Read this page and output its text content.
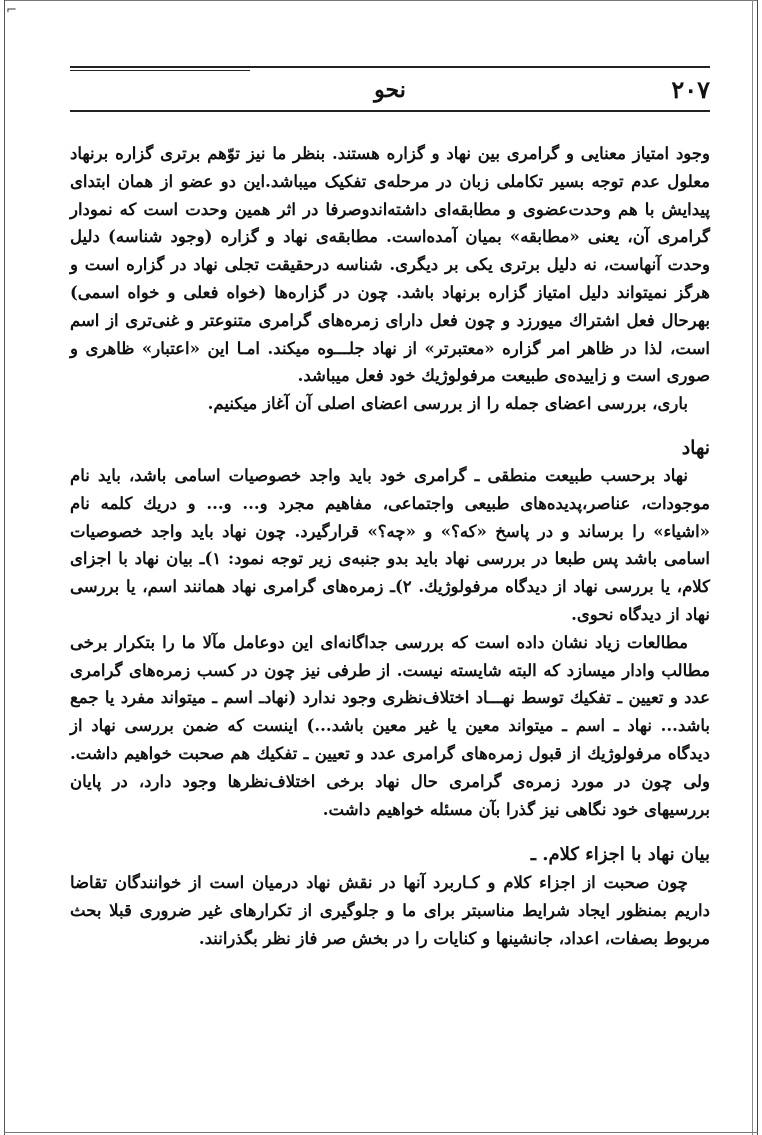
⌐
۲۰۷
نحو

وجود امتیاز معنایی و گرامری بین نهاد و گزاره هستند. بنظر ما نیز توّهم برتری گزاره برنهاد معلول عدم توجه بسیر تکاملی زبان در مرحله‌ی تفکیک میباشد.این دو عضو از همان ابتدای پیدایش با هم وحدت‌عضوی و مطابقه‌ای داشته‌اندوصرفا در اثر همین وحدت است که نمودار گرامری آن، یعنی «مطابقه» بمیان آمده‌است. مطابقه‌ی نهاد و گزاره (وجود شناسه) دلیل وحدت آنهاست، نه دلیل برتری یکی بر دیگری. شناسه درحقیقت تجلی نهاد در گزاره است و هرگز نمیتواند دلیل امتیاز گزاره برنهاد باشد. چون در گزاره‌ها (خواه فعلی و خواه اسمی) بهرحال فعل اشتراك میورزد و چون فعل دارای زمره‌های گرامری متنوعتر و غنی‌تری از اسم است، لذا در ظاهر امر گزاره «معتبرتر» از نهاد جلـــوه میکند. امـا این «اعتبار» ظاهری و صوری است و زاییده‌ی طبیعت مرفولوژیك خود فعل میباشد.

باری، بررسی اعضای جمله را از بررسی اعضای اصلی آن آغاز میکنیم.

نهاد

نهاد برحسب طبیعت منطقی ـ گرامری خود باید واجد خصوصیات اسامی باشد، باید نام موجودات، عناصر،پدیده‌های طبیعی واجتماعی، مفاهیم مجرد و... و... و دریك کلمه نام «اشیاء» را برساند و در پاسخ «که؟» و «چه؟» قرارگیرد. چون نهاد باید واجد خصوصیات اسامی باشد پس طبعا در بررسی نهاد باید بدو جنبه‌ی زیر توجه نمود: ۱)ـ بیان نهاد با اجزای کلام، یا بررسی نهاد از دیدگاه مرفولوژیك. ۲)ـ زمره‌های گرامری نهاد همانند اسم، یا بررسی نهاد از دیدگاه نحوی.

مطالعات زیاد نشان داده است که بررسی جداگانه‌ای این دوعامل مآلا ما را بتکرار برخی مطالب وادار میسازد که البته شایسته نیست. از طرفی نیز چون در کسب زمره‌های گرامری عدد و تعیین ـ تفکیك توسط نهـــاد اختلاف‌نظری وجود ندارد (نهادـ اسم ـ میتواند مفرد یا جمع باشد... نهاد ـ اسم ـ میتواند معین یا غیر معین باشد...) اینست که ضمن بررسی نهاد از دیدگاه مرفولوژیك از قبول زمره‌های گرامری عدد و تعیین ـ تفکیك هم صحبت خواهیم داشت. ولی چون در مورد زمره‌ی گرامری حال نهاد برخی اختلاف‌نظرها وجود دارد، در پایان بررسیهای خود نگاهی نیز گذرا بآن مسئله خواهیم داشت.

بیان نهاد با اجزاء کلام. ـ

چون صحبت از اجزاء کلام و کـاربرد آنها در نقش نهاد درمیان است از خوانندگان تقاضا داریم بمنظور ایجاد شرایط مناسبتر برای ما و جلوگیری از تکرارهای غیر ضروری قبلا بحث مربوط بصفات، اعداد، جانشینها و کنایات را در بخش صر فاز نظر بگذرانند.
